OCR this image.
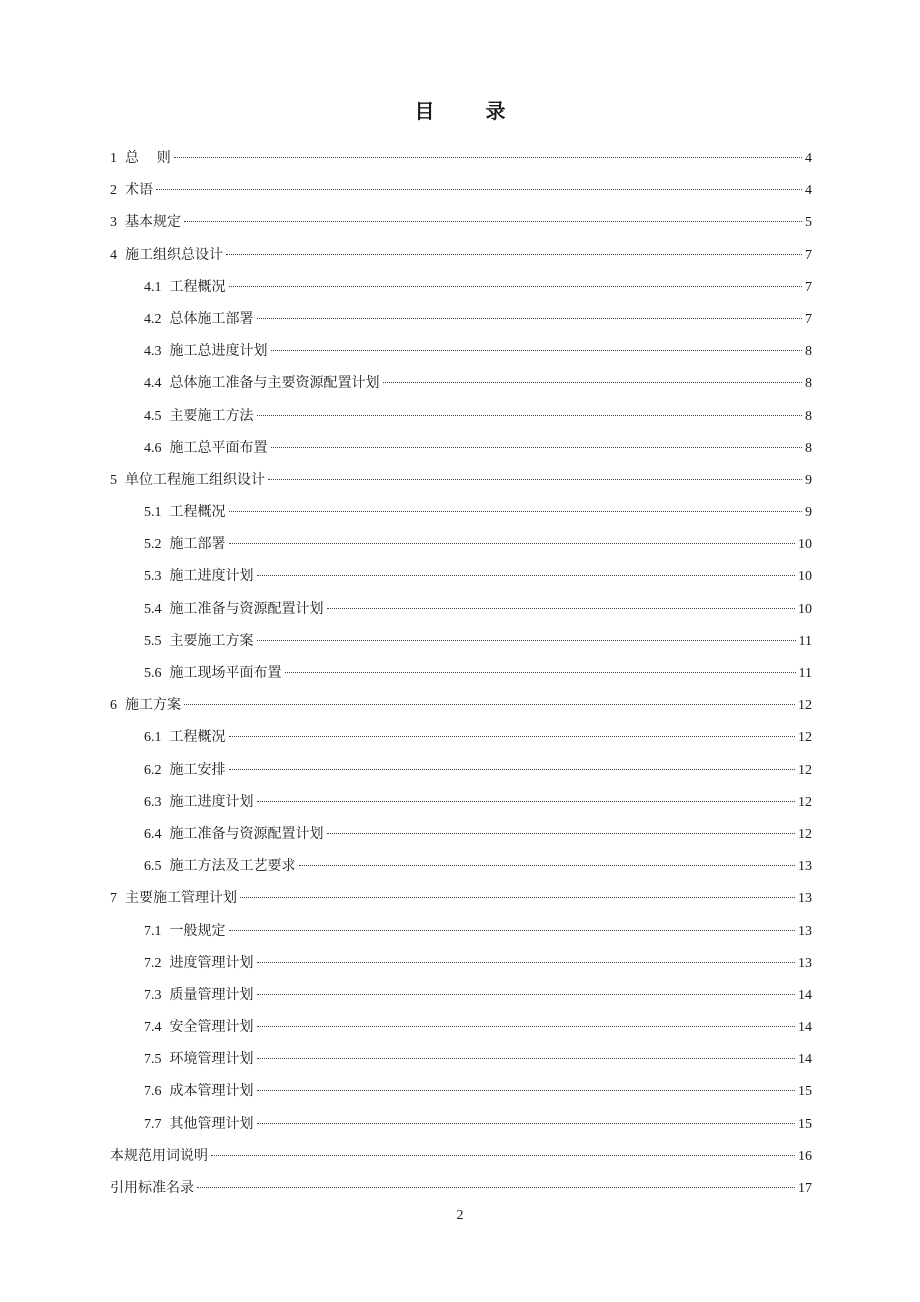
目 录
1 总    则	4
2 术语	4
3 基本规定	5
4 施工组织总设计	7
4.1 工程概况	7
4.2 总体施工部署	7
4.3 施工总进度计划	8
4.4 总体施工准备与主要资源配置计划	8
4.5 主要施工方法	8
4.6 施工总平面布置	8
5 单位工程施工组织设计	9
5.1 工程概况	9
5.2 施工部署	10
5.3 施工进度计划	10
5.4 施工准备与资源配置计划	10
5.5 主要施工方案	11
5.6 施工现场平面布置	11
6 施工方案	12
6.1 工程概况	12
6.2 施工安排	12
6.3 施工进度计划	12
6.4 施工准备与资源配置计划	12
6.5 施工方法及工艺要求	13
7 主要施工管理计划	13
7.1 一般规定	13
7.2 进度管理计划	13
7.3 质量管理计划	14
7.4 安全管理计划	14
7.5 环境管理计划	14
7.6 成本管理计划	15
7.7 其他管理计划	15
本规范用词说明	16
引用标准名录	17
2
